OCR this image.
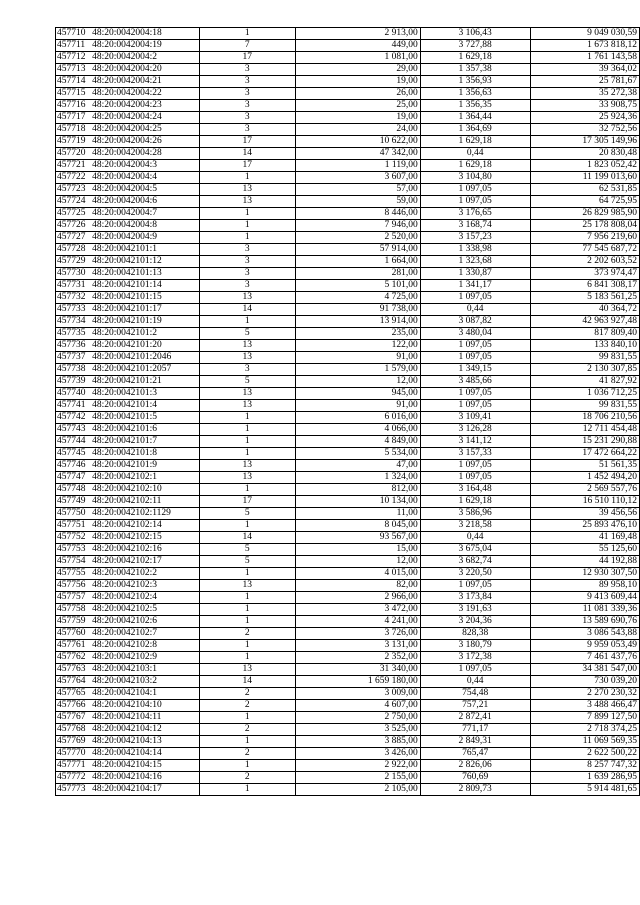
457710	48:20:0042004:18	1	2 913,00	3 106,43	9 049 030,59
457711	48:20:0042004:19	7	449,00	3 727,88	1 673 818,12
457712	48:20:0042004:2	17	1 081,00	1 629,18	1 761 143,58
457713	48:20:0042004:20	3	29,00	1 357,38	39 364,02
457714	48:20:0042004:21	3	19,00	1 356,93	25 781,67
457715	48:20:0042004:22	3	26,00	1 356,63	35 272,38
457716	48:20:0042004:23	3	25,00	1 356,35	33 908,75
457717	48:20:0042004:24	3	19,00	1 364,44	25 924,36
457718	48:20:0042004:25	3	24,00	1 364,69	32 752,56
457719	48:20:0042004:26	17	10 622,00	1 629,18	17 305 149,96
457720	48:20:0042004:28	14	47 342,00	0,44	20 830,48
457721	48:20:0042004:3	17	1 119,00	1 629,18	1 823 052,42
457722	48:20:0042004:4	1	3 607,00	3 104,80	11 199 013,60
457723	48:20:0042004:5	13	57,00	1 097,05	62 531,85
457724	48:20:0042004:6	13	59,00	1 097,05	64 725,95
457725	48:20:0042004:7	1	8 446,00	3 176,65	26 829 985,90
457726	48:20:0042004:8	1	7 946,00	3 168,74	25 178 808,04
457727	48:20:0042004:9	1	2 520,00	3 157,23	7 956 219,60
457728	48:20:0042101:1	3	57 914,00	1 338,98	77 545 687,72
457729	48:20:0042101:12	3	1 664,00	1 323,68	2 202 603,52
457730	48:20:0042101:13	3	281,00	1 330,87	373 974,47
457731	48:20:0042101:14	3	5 101,00	1 341,17	6 841 308,17
457732	48:20:0042101:15	13	4 725,00	1 097,05	5 183 561,25
457733	48:20:0042101:17	14	91 738,00	0,44	40 364,72
457734	48:20:0042101:19	1	13 914,00	3 087,82	42 963 927,48
457735	48:20:0042101:2	5	235,00	3 480,04	817 809,40
457736	48:20:0042101:20	13	122,00	1 097,05	133 840,10
457737	48:20:0042101:2046	13	91,00	1 097,05	99 831,55
457738	48:20:0042101:2057	3	1 579,00	1 349,15	2 130 307,85
457739	48:20:0042101:21	5	12,00	3 485,66	41 827,92
457740	48:20:0042101:3	13	945,00	1 097,05	1 036 712,25
457741	48:20:0042101:4	13	91,00	1 097,05	99 831,55
457742	48:20:0042101:5	1	6 016,00	3 109,41	18 706 210,56
457743	48:20:0042101:6	1	4 066,00	3 126,28	12 711 454,48
457744	48:20:0042101:7	1	4 849,00	3 141,12	15 231 290,88
457745	48:20:0042101:8	1	5 534,00	3 157,33	17 472 664,22
457746	48:20:0042101:9	13	47,00	1 097,05	51 561,35
457747	48:20:0042102:1	13	1 324,00	1 097,05	1 452 494,20
457748	48:20:0042102:10	1	812,00	3 164,48	2 569 557,76
457749	48:20:0042102:11	17	10 134,00	1 629,18	16 510 110,12
457750	48:20:0042102:1129	5	11,00	3 586,96	39 456,56
457751	48:20:0042102:14	1	8 045,00	3 218,58	25 893 476,10
457752	48:20:0042102:15	14	93 567,00	0,44	41 169,48
457753	48:20:0042102:16	5	15,00	3 675,04	55 125,60
457754	48:20:0042102:17	5	12,00	3 682,74	44 192,88
457755	48:20:0042102:2	1	4 015,00	3 220,50	12 930 307,50
457756	48:20:0042102:3	13	82,00	1 097,05	89 958,10
457757	48:20:0042102:4	1	2 966,00	3 173,84	9 413 609,44
457758	48:20:0042102:5	1	3 472,00	3 191,63	11 081 339,36
457759	48:20:0042102:6	1	4 241,00	3 204,36	13 589 690,76
457760	48:20:0042102:7	2	3 726,00	828,38	3 086 543,88
457761	48:20:0042102:8	1	3 131,00	3 180,79	9 959 053,49
457762	48:20:0042102:9	1	2 352,00	3 172,38	7 461 437,76
457763	48:20:0042103:1	13	31 340,00	1 097,05	34 381 547,00
457764	48:20:0042103:2	14	1 659 180,00	0,44	730 039,20
457765	48:20:0042104:1	2	3 009,00	754,48	2 270 230,32
457766	48:20:0042104:10	2	4 607,00	757,21	3 488 466,47
457767	48:20:0042104:11	1	2 750,00	2 872,41	7 899 127,50
457768	48:20:0042104:12	2	3 525,00	771,17	2 718 374,25
457769	48:20:0042104:13	1	3 885,00	2 849,31	11 069 569,35
457770	48:20:0042104:14	2	3 426,00	765,47	2 622 500,22
457771	48:20:0042104:15	1	2 922,00	2 826,06	8 257 747,32
457772	48:20:0042104:16	2	2 155,00	760,69	1 639 286,95
457773	48:20:0042104:17	1	2 105,00	2 809,73	5 914 481,65
